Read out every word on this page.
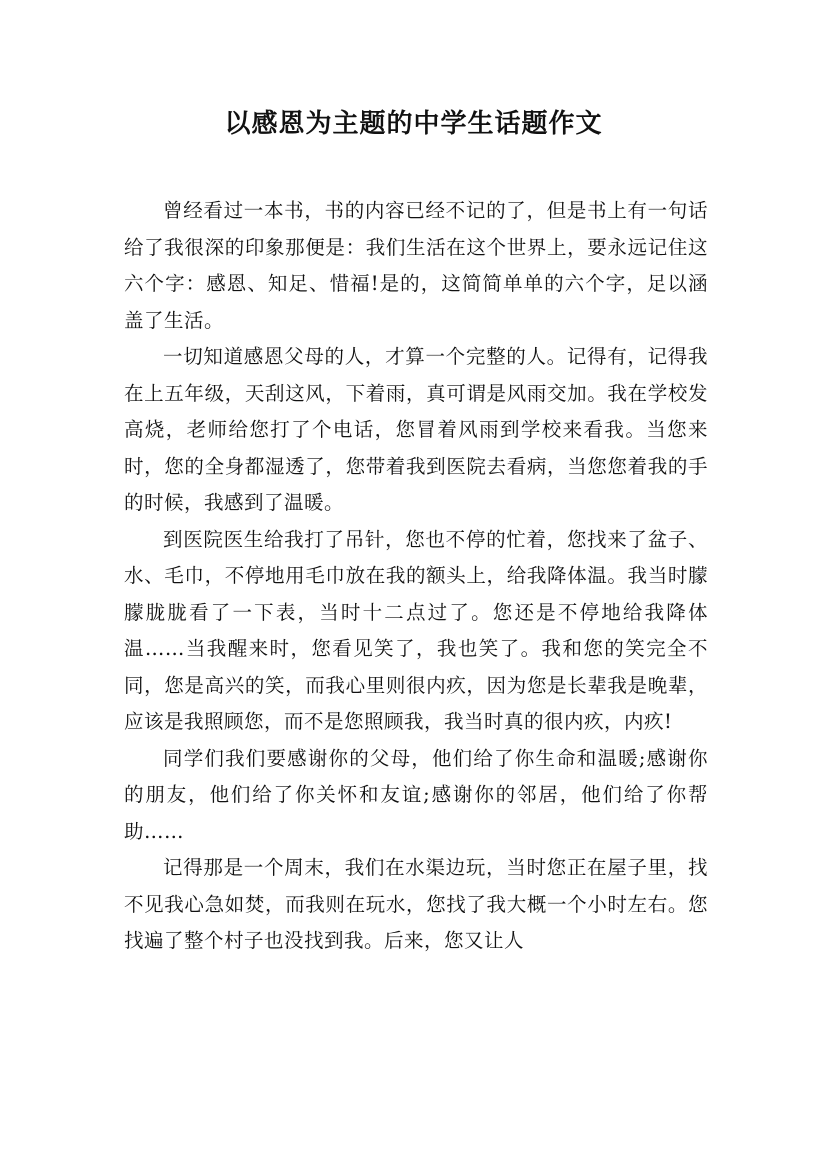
以感恩为主题的中学生话题作文

曾经看过一本书，书的内容已经不记的了，但是书上有一句话给了我很深的印象那便是：我们生活在这个世界上，要永远记住这六个字：感恩、知足、惜福!是的，这简简单单的六个字，足以涵盖了生活。

一切知道感恩父母的人，才算一个完整的人。记得有，记得我在上五年级，天刮这风，下着雨，真可谓是风雨交加。我在学校发高烧，老师给您打了个电话，您冒着风雨到学校来看我。当您来时，您的全身都湿透了，您带着我到医院去看病，当您您着我的手的时候，我感到了温暖。

到医院医生给我打了吊针，您也不停的忙着，您找来了盆子、水、毛巾，不停地用毛巾放在我的额头上，给我降体温。我当时朦朦胧胧看了一下表，当时十二点过了。您还是不停地给我降体温……当我醒来时，您看见笑了，我也笑了。我和您的笑完全不同，您是高兴的笑，而我心里则很内疚，因为您是长辈我是晚辈，应该是我照顾您，而不是您照顾我，我当时真的很内疚，内疚!

同学们我们要感谢你的父母，他们给了你生命和温暖;感谢你的朋友，他们给了你关怀和友谊;感谢你的邻居，他们给了你帮助……

记得那是一个周末，我们在水渠边玩，当时您正在屋子里，找不见我心急如焚，而我则在玩水，您找了我大概一个小时左右。您找遍了整个村子也没找到我。后来，您又让人
